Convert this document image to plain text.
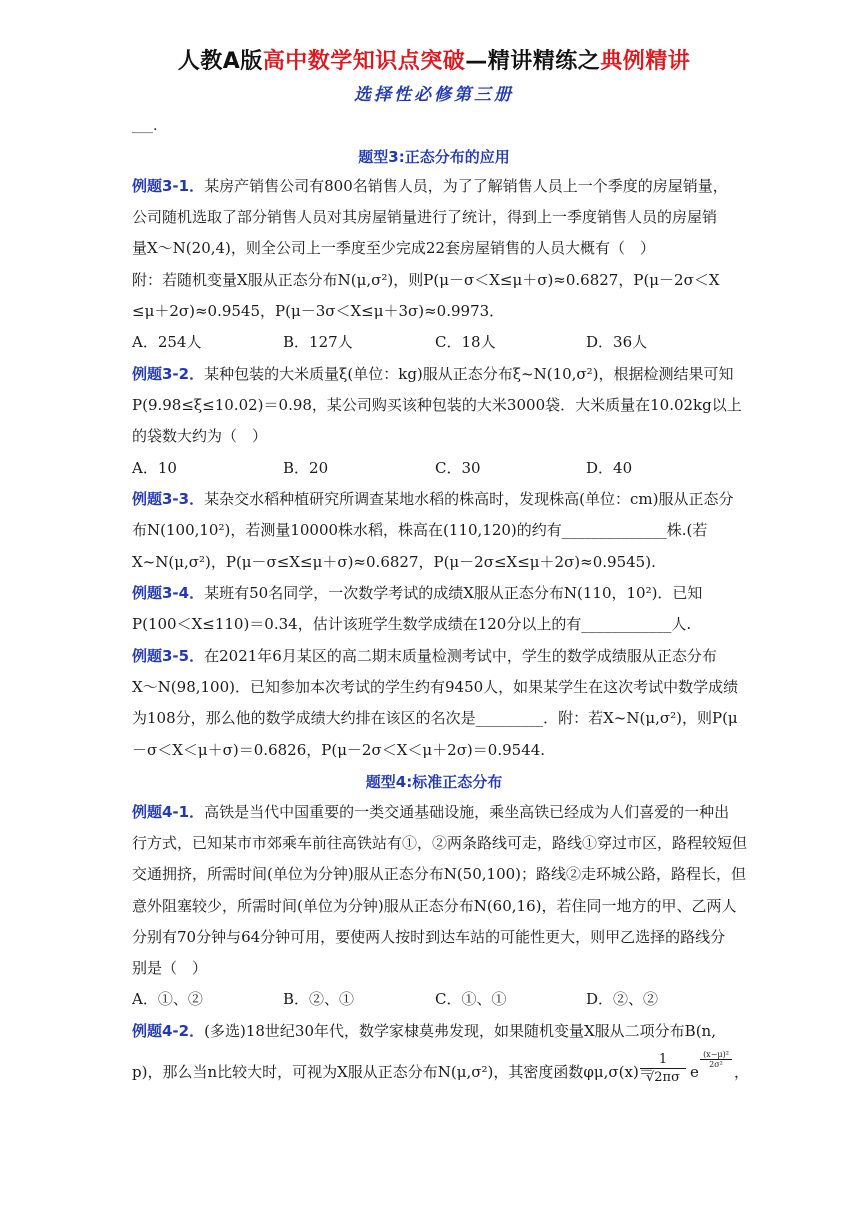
人教A版高中数学知识点突破—精讲精练之典例精讲
选择性必修第三册
___.
题型3:正态分布的应用
例题3-1．某房产销售公司有800名销售人员，为了了解销售人员上一个季度的房屋销量，
公司随机选取了部分销售人员对其房屋销量进行了统计，得到上一季度销售人员的房屋销
量X～N(20,4)，则全公司上一季度至少完成22套房屋销售的人员大概有（　）
附：若随机变量X服从正态分布N(μ,σ²)，则P(μ－σ＜X≤μ＋σ)≈0.6827，P(μ－2σ＜X
≤μ＋2σ)≈0.9545，P(μ－3σ＜X≤μ＋3σ)≈0.9973．
A．254人	B．127人	C．18人	D．36人
例题3-2．某种包装的大米质量ξ(单位：kg)服从正态分布ξ~N(10,σ²)，根据检测结果可知
P(9.98≤ξ≤10.02)＝0.98，某公司购买该种包装的大米3000袋．大米质量在10.02kg以上
的袋数大约为（　）
A．10	B．20	C．30	D．40
例题3-3．某杂交水稻种植研究所调查某地水稻的株高时，发现株高(单位：cm)服从正态分
布N(100,10²)，若测量10000株水稻，株高在(110,120)的约有______________株.(若
X~N(μ,σ²)，P(μ－σ≤X≤μ＋σ)≈0.6827，P(μ－2σ≤X≤μ＋2σ)≈0.9545).
例题3-4．某班有50名同学，一次数学考试的成绩X服从正态分布N(110，10²)．已知
P(100＜X≤110)＝0.34，估计该班学生数学成绩在120分以上的有____________人.
例题3-5．在2021年6月某区的高二期末质量检测考试中，学生的数学成绩服从正态分布
X～N(98,100)．已知参加本次考试的学生约有9450人，如果某学生在这次考试中数学成绩
为108分，那么他的数学成绩大约排在该区的名次是_________．附：若X~N(μ,σ²)，则P(μ
－σ＜X＜μ＋σ)＝0.6826，P(μ－2σ＜X＜μ＋2σ)＝0.9544.
题型4:标准正态分布
例题4-1．高铁是当代中国重要的一类交通基础设施，乘坐高铁已经成为人们喜爱的一种出
行方式，已知某市市郊乘车前往高铁站有①，②两条路线可走，路线①穿过市区，路程较短但
交通拥挤，所需时间(单位为分钟)服从正态分布N(50,100)；路线②走环城公路，路程长，但
意外阻塞较少，所需时间(单位为分钟)服从正态分布N(60,16)，若住同一地方的甲、乙两人
分别有70分钟与64分钟可用，要使两人按时到达车站的可能性更大，则甲乙选择的路线分
别是（　）
A．①、②	B．②、①	C．①、①	D．②、②
例题4-2．(多选)18世纪30年代，数学家棣莫弗发现，如果随机变量X服从二项分布B(n,
p)，那么当n比较大时，可视为X服从正态分布N(μ,σ²)，其密度函数φμ,σ(x)＝
1
√2πσ e
(x−μ)²
2σ² ，
